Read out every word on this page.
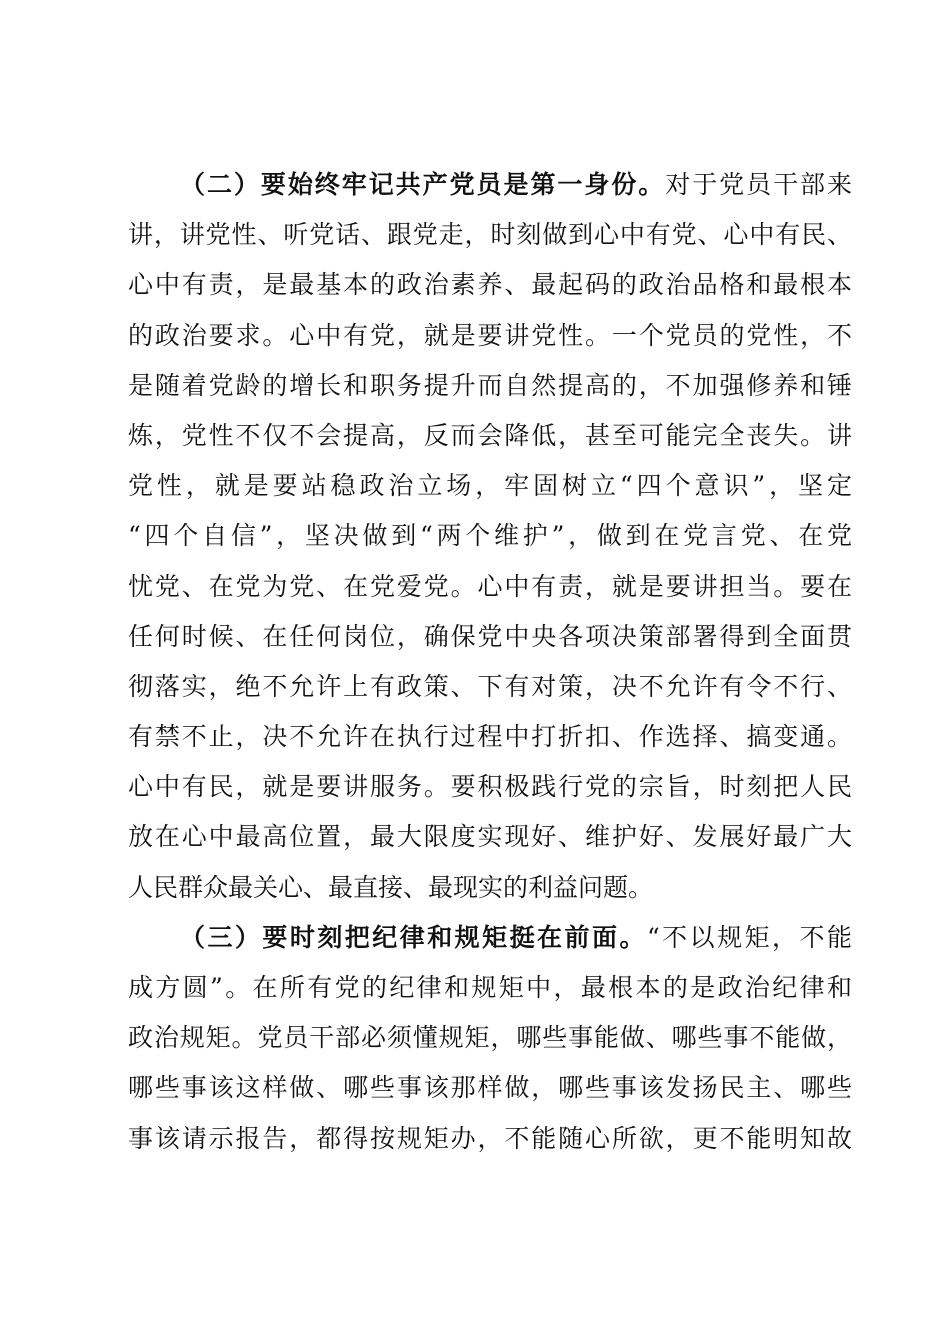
（二）要始终牢记共产党员是第一身份。对于党员干部来
讲，讲党性、听党话、跟党走，时刻做到心中有党、心中有民、
心中有责，是最基本的政治素养、最起码的政治品格和最根本
的政治要求。心中有党，就是要讲党性。一个党员的党性，不
是随着党龄的增长和职务提升而自然提高的，不加强修养和锤
炼，党性不仅不会提高，反而会降低，甚至可能完全丧失。讲
党性，就是要站稳政治立场，牢固树立“四个意识”，坚定
“四个自信”，坚决做到“两个维护”，做到在党言党、在党
忧党、在党为党、在党爱党。心中有责，就是要讲担当。要在
任何时候、在任何岗位，确保党中央各项决策部署得到全面贯
彻落实，绝不允许上有政策、下有对策，决不允许有令不行、
有禁不止，决不允许在执行过程中打折扣、作选择、搞变通。
心中有民，就是要讲服务。要积极践行党的宗旨，时刻把人民
放在心中最高位置，最大限度实现好、维护好、发展好最广大
人民群众最关心、最直接、最现实的利益问题。
（三）要时刻把纪律和规矩挺在前面。“不以规矩，不能
成方圆”。在所有党的纪律和规矩中，最根本的是政治纪律和
政治规矩。党员干部必须懂规矩，哪些事能做、哪些事不能做，
哪些事该这样做、哪些事该那样做，哪些事该发扬民主、哪些
事该请示报告，都得按规矩办，不能随心所欲，更不能明知故
